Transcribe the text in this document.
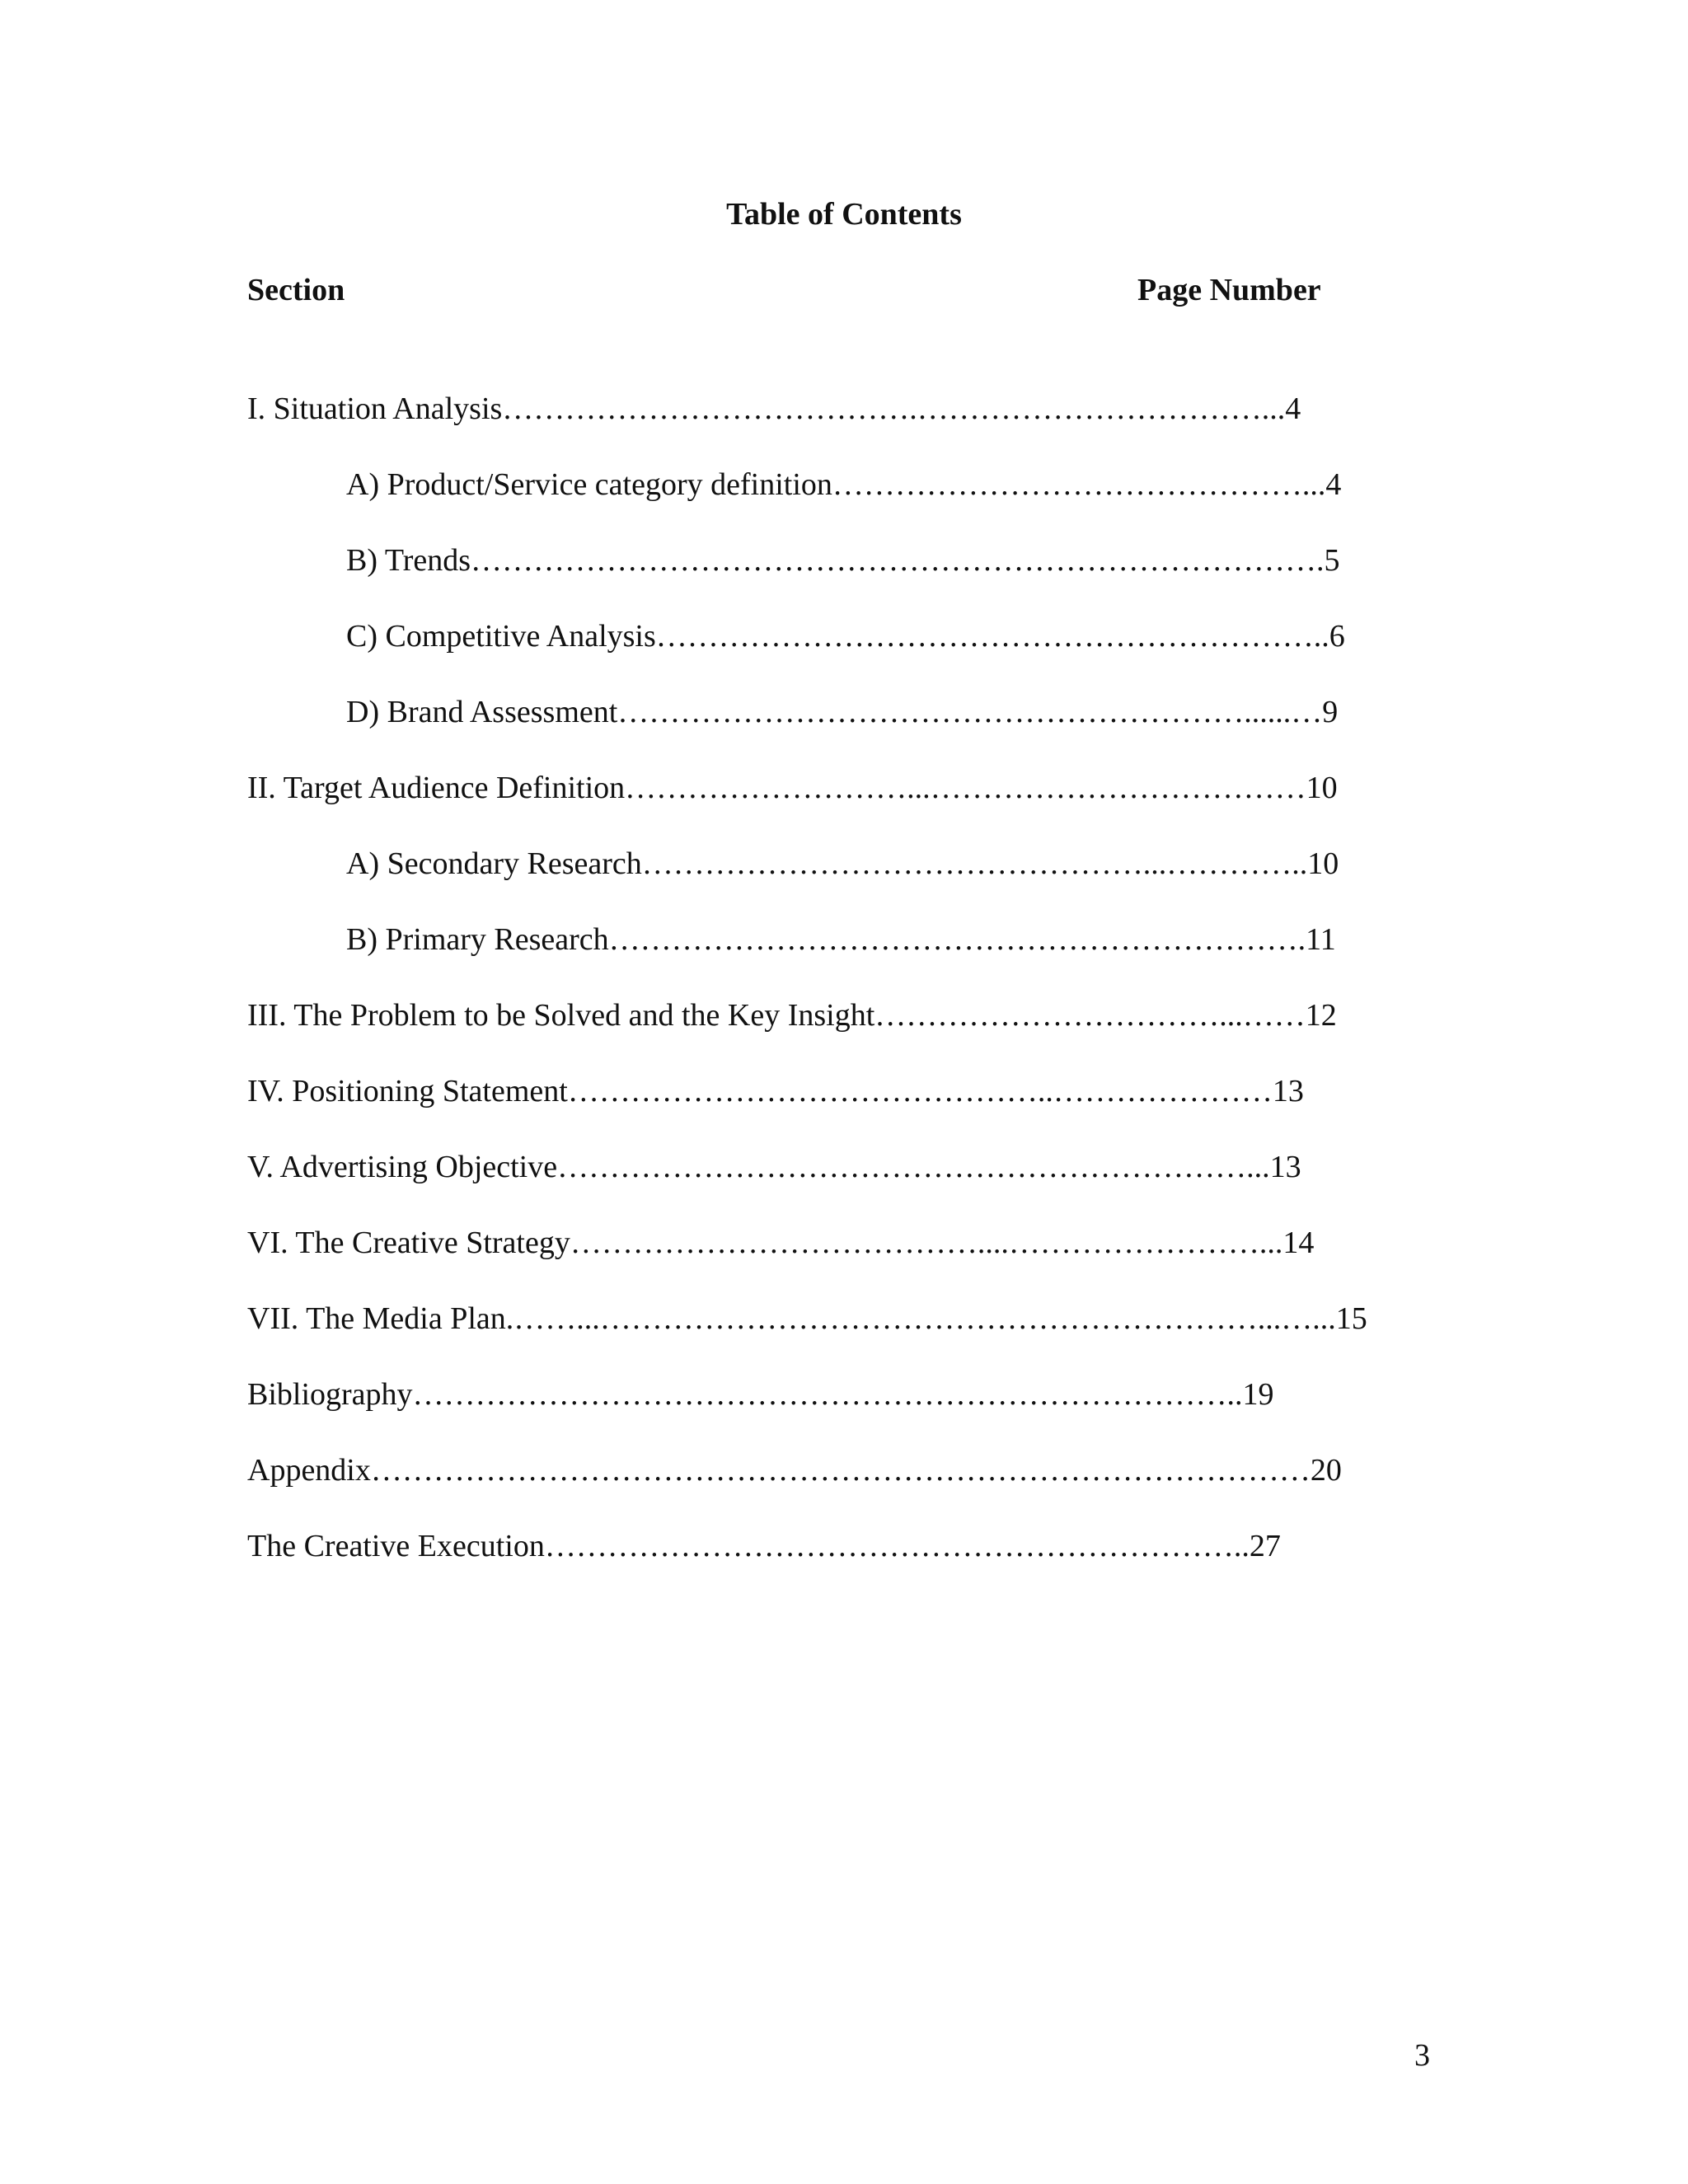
Table of Contents
Section	Page Number
I. Situation Analysis………………………………….……………………………...4
A) Product/Service category definition………………………………………...4
B) Trends……………………………………………………………………….5
C) Competitive Analysis………………………………………………………..6
D) Brand Assessment……………………………………………………......…9
II. Target Audience Definition………………………...………………………………10
A) Secondary Research…………………………………………...…………..10
B) Primary Research………………………………………………………….11
III. The Problem to be Solved and the Key Insight……………………………...……12
IV. Positioning Statement………………………………………..…………………13
V. Advertising Objective…………………………………………………………...13
VI. The Creative Strategy…………………………………....……………………...14
VII. The Media Plan.……...………………………………………………………...…...15
Bibliography……………………………………………………………………..19
Appendix………………………………………………………………………………20
The Creative Execution…………………………………………………………..27
3
